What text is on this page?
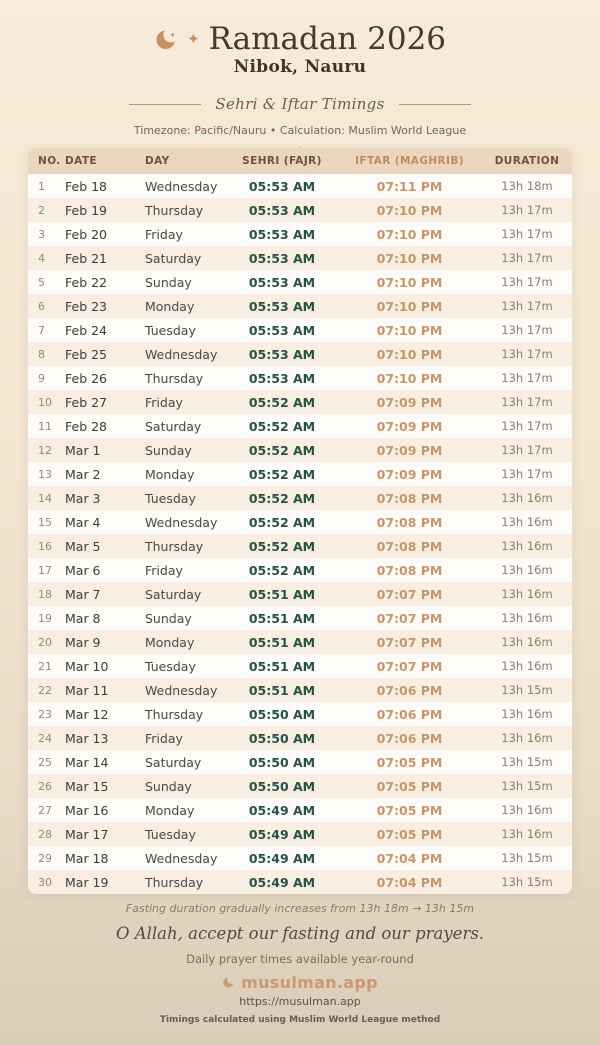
✦ Ramadan 2026
Nibok, Nauru
Sehri & Iftar Timings
Timezone: Pacific/Nauru • Calculation: Muslim World League
NO.	DATE	DAY	SEHRI (FAJR)	IFTAR (MAGHRIB)	DURATION
1	Feb 18	Wednesday	05:53 AM	07:11 PM	13h 18m
2	Feb 19	Thursday	05:53 AM	07:10 PM	13h 17m
3	Feb 20	Friday	05:53 AM	07:10 PM	13h 17m
4	Feb 21	Saturday	05:53 AM	07:10 PM	13h 17m
5	Feb 22	Sunday	05:53 AM	07:10 PM	13h 17m
6	Feb 23	Monday	05:53 AM	07:10 PM	13h 17m
7	Feb 24	Tuesday	05:53 AM	07:10 PM	13h 17m
8	Feb 25	Wednesday	05:53 AM	07:10 PM	13h 17m
9	Feb 26	Thursday	05:53 AM	07:10 PM	13h 17m
10	Feb 27	Friday	05:52 AM	07:09 PM	13h 17m
11	Feb 28	Saturday	05:52 AM	07:09 PM	13h 17m
12	Mar 1	Sunday	05:52 AM	07:09 PM	13h 17m
13	Mar 2	Monday	05:52 AM	07:09 PM	13h 17m
14	Mar 3	Tuesday	05:52 AM	07:08 PM	13h 16m
15	Mar 4	Wednesday	05:52 AM	07:08 PM	13h 16m
16	Mar 5	Thursday	05:52 AM	07:08 PM	13h 16m
17	Mar 6	Friday	05:52 AM	07:08 PM	13h 16m
18	Mar 7	Saturday	05:51 AM	07:07 PM	13h 16m
19	Mar 8	Sunday	05:51 AM	07:07 PM	13h 16m
20	Mar 9	Monday	05:51 AM	07:07 PM	13h 16m
21	Mar 10	Tuesday	05:51 AM	07:07 PM	13h 16m
22	Mar 11	Wednesday	05:51 AM	07:06 PM	13h 15m
23	Mar 12	Thursday	05:50 AM	07:06 PM	13h 16m
24	Mar 13	Friday	05:50 AM	07:06 PM	13h 16m
25	Mar 14	Saturday	05:50 AM	07:05 PM	13h 15m
26	Mar 15	Sunday	05:50 AM	07:05 PM	13h 15m
27	Mar 16	Monday	05:49 AM	07:05 PM	13h 16m
28	Mar 17	Tuesday	05:49 AM	07:05 PM	13h 16m
29	Mar 18	Wednesday	05:49 AM	07:04 PM	13h 15m
30	Mar 19	Thursday	05:49 AM	07:04 PM	13h 15m
Fasting duration gradually increases from 13h 18m → 13h 15m
O Allah, accept our fasting and our prayers.
Daily prayer times available year-round
musulman.app
https://musulman.app
Timings calculated using Muslim World League method
